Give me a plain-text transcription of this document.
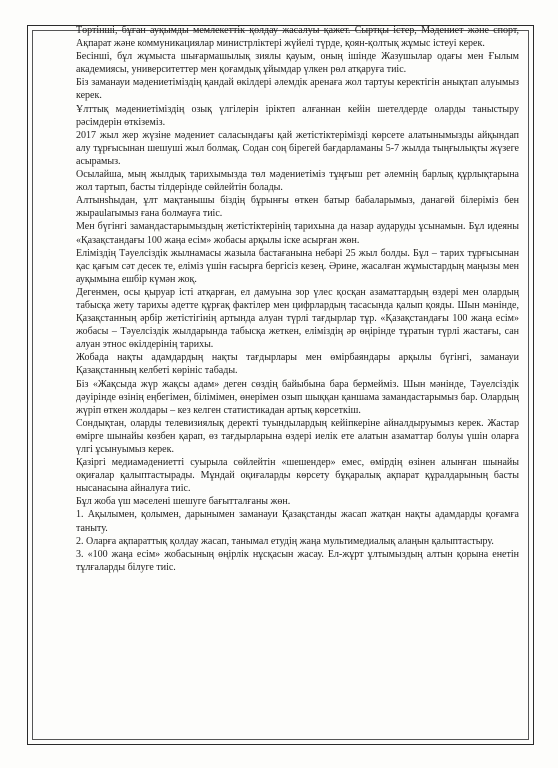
Төртінші, бұған ауқымды мемлекеттік қолдау жасалуы қажет. Сыртқы істер, Мәдениет және спорт, Ақпарат және коммуникациялар министрліктері жүйелі түрде, қоян-қолтық жұмыс істеуі керек.

Бесінші, бұл жұмыста шығармашылық зиялы қауым, оның ішінде Жазушылар одағы мен Ғылым академиясы, университеттер мен қоғамдық ұйымдар үлкен рөл атқаруға тиіс.

Біз заманауи мәдениетіміздің қандай өкілдері әлемдік аренаға жол тартуы керектігін анықтап алуымыз керек.

Ұлттық мәдениетіміздің озық үлгілерін іріктеп алғаннан кейін шетелдерде оларды таныстыру рәсімдерін өткіземіз.

2017 жыл жер жүзіне мәдениет саласындағы қай жетістіктерімізді көрсете алатынымызды айқындап алу тұрғысынан шешуші жыл болмақ. Содан соң бірегей бағдарламаны 5-7 жылда тыңғылықты жүзеге асырамыз.

Осылайша, мың жылдық тарихымызда төл мәдениетіміз тұңғыш рет әлемнің барлық құрлықтарына жол тартып, басты тілдерінде сөйлейтін болады.

Алтынshыдан, ұлт мақтанышы біздің бұрынғы өткен батыр бабаларымыз, данагөй білерімiз бен жыраularымыз ғана болмауға тиіс.

Мен бүгінгі замандастарымыздың жетістіктерінің тарихына да назар аударуды ұсынамын. Бұл идеяны «Қазақстандағы 100 жаңа есім» жобасы арқылы іске асырған жөн.

Еліміздің Тәуелсіздік жылнамасы жазыла бастағанына небәрі 25 жыл болды. Бұл – тарих тұрғысынан қас қағым сәт десек те, еліміз үшін ғасырға бергісіз кезең. Әрине, жасалған жұмыстардың маңызы мен ауқымына ешбір күмән жоқ.

Дегенмен, осы қыруар істі атқарған, ел дамуына зор үлес қосқан азаматтардың өздері мен олардың табысқа жету тарихы әдетте құрғақ фактілер мен цифрлардың тасасында қалып қояды. Шын мәнінде, Қазақстанның әрбір жетістігінің артында алуан түрлі тағдырлар тұр. «Қазақстандағы 100 жаңа есім» жобасы – Тәуелсіздік жылдарында табысқа жеткен, еліміздің әр өңірінде тұратын түрлі жастағы, сан алуан этнос өкілдерінің тарихы.

Жобада нақты адамдардың нақты тағдырлары мен өмірбаяндары арқылы бүгінгі, заманауи Қазақстанның келбеті көрініс табады.

Біз «Жақсыда жүр жақсы адам» деген сөздің байыбына бара бермейміз. Шын мәнінде, Тәуелсіздік дәуірінде өзінің еңбегімен, білімімен, өнерімен озып шыққан қаншама замандастарымыз бар. Олардың жүріп өткен жолдары – кез келген статистикадан артық көрсеткіш.

Сондықтан, оларды телевизиялық деректі туындылардың кейіпкеріне айналдыруымыз керек. Жастар өмірге шынайы көзбен қарап, өз тағдырларына өздері иелік ете алатын азаматтар болуы үшін оларға үлгі ұсынуымыз керек.

Қазіргі медиамәдениетті суырыла сөйлейтін «шешендер» емес, өмірдің өзінен алынған шынайы оқиғалар қалыптастырады. Мұндай оқиғаларды көрсету бұқаралық ақпарат құралдарының басты нысанасына айналуға тиіс.

Бұл жоба үш мәселені шешуге бағытталғаны жөн.

1. Ақылымен, қолымен, дарынымен заманауи Қазақстанды жасап жатқан нақты адамдарды қоғамға таныту.

2. Оларға ақпараттық қолдау жасап, танымал етудің жаңа мультимедиалық алаңын қалыптастыру.

3. «100 жаңа есім» жобасының өңірлік нұсқасын жасау. Ел-жұрт ұлтымыздың алтын қорына енетін тұлғаларды білуге тиіс.
